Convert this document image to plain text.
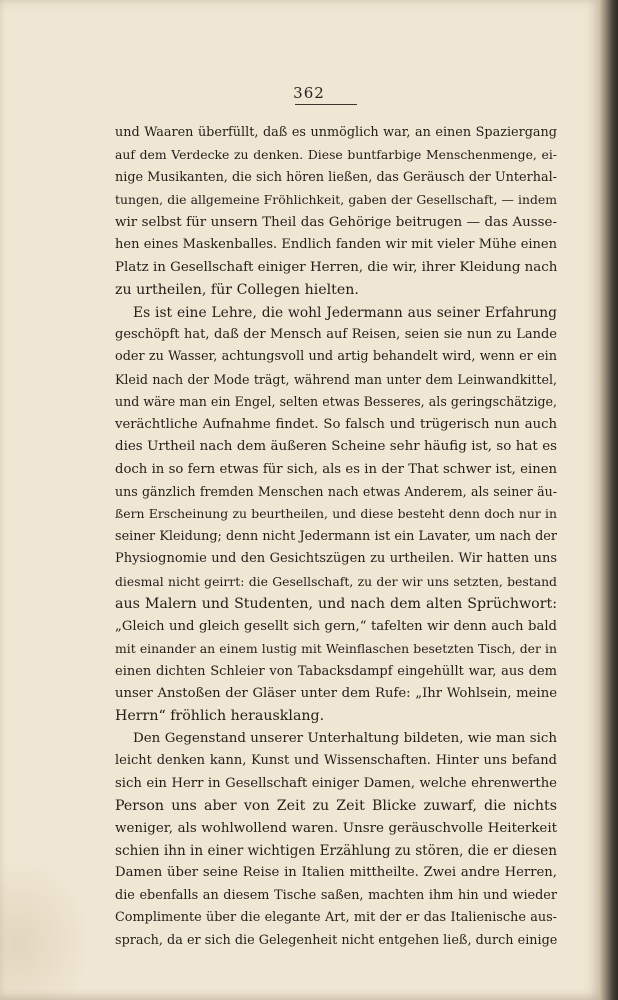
362
und Waaren überfüllt, daß es unmöglich war, an einen Spaziergang
auf dem Verdecke zu denken. Diese buntfarbige Menschenmenge, ei-
nige Musikanten, die sich hören ließen, das Geräusch der Unterhal-
tungen, die allgemeine Fröhlichkeit, gaben der Gesellschaft, — indem
wir selbst für unsern Theil das Gehörige beitrugen — das Ausse-
hen eines Maskenballes. Endlich fanden wir mit vieler Mühe einen
Platz in Gesellschaft einiger Herren, die wir, ihrer Kleidung nach
zu urtheilen, für Collegen hielten.
Es ist eine Lehre, die wohl Jedermann aus seiner Erfahrung
geschöpft hat, daß der Mensch auf Reisen, seien sie nun zu Lande
oder zu Wasser, achtungsvoll und artig behandelt wird, wenn er ein
Kleid nach der Mode trägt, während man unter dem Leinwandkittel,
und wäre man ein Engel, selten etwas Besseres, als geringschätzige,
verächtliche Aufnahme findet. So falsch und trügerisch nun auch
dies Urtheil nach dem äußeren Scheine sehr häufig ist, so hat es
doch in so fern etwas für sich, als es in der That schwer ist, einen
uns gänzlich fremden Menschen nach etwas Anderem, als seiner äu-
ßern Erscheinung zu beurtheilen, und diese besteht denn doch nur in
seiner Kleidung; denn nicht Jedermann ist ein Lavater, um nach der
Physiognomie und den Gesichtszügen zu urtheilen. Wir hatten uns
diesmal nicht geirrt: die Gesellschaft, zu der wir uns setzten, bestand
aus Malern und Studenten, und nach dem alten Sprüchwort:
„Gleich und gleich gesellt sich gern,“ tafelten wir denn auch bald
mit einander an einem lustig mit Weinflaschen besetzten Tisch, der in
einen dichten Schleier von Tabacksdampf eingehüllt war, aus dem
unser Anstoßen der Gläser unter dem Rufe: „Ihr Wohlsein, meine
Herrn“ fröhlich herausklang.
Den Gegenstand unserer Unterhaltung bildeten, wie man sich
leicht denken kann, Kunst und Wissenschaften. Hinter uns befand
sich ein Herr in Gesellschaft einiger Damen, welche ehrenwerthe
Person uns aber von Zeit zu Zeit Blicke zuwarf, die nichts
weniger, als wohlwollend waren. Unsre geräuschvolle Heiterkeit
schien ihn in einer wichtigen Erzählung zu stören, die er diesen
Damen über seine Reise in Italien mittheilte. Zwei andre Herren,
die ebenfalls an diesem Tische saßen, machten ihm hin und wieder
Complimente über die elegante Art, mit der er das Italienische aus-
sprach, da er sich die Gelegenheit nicht entgehen ließ, durch einige
